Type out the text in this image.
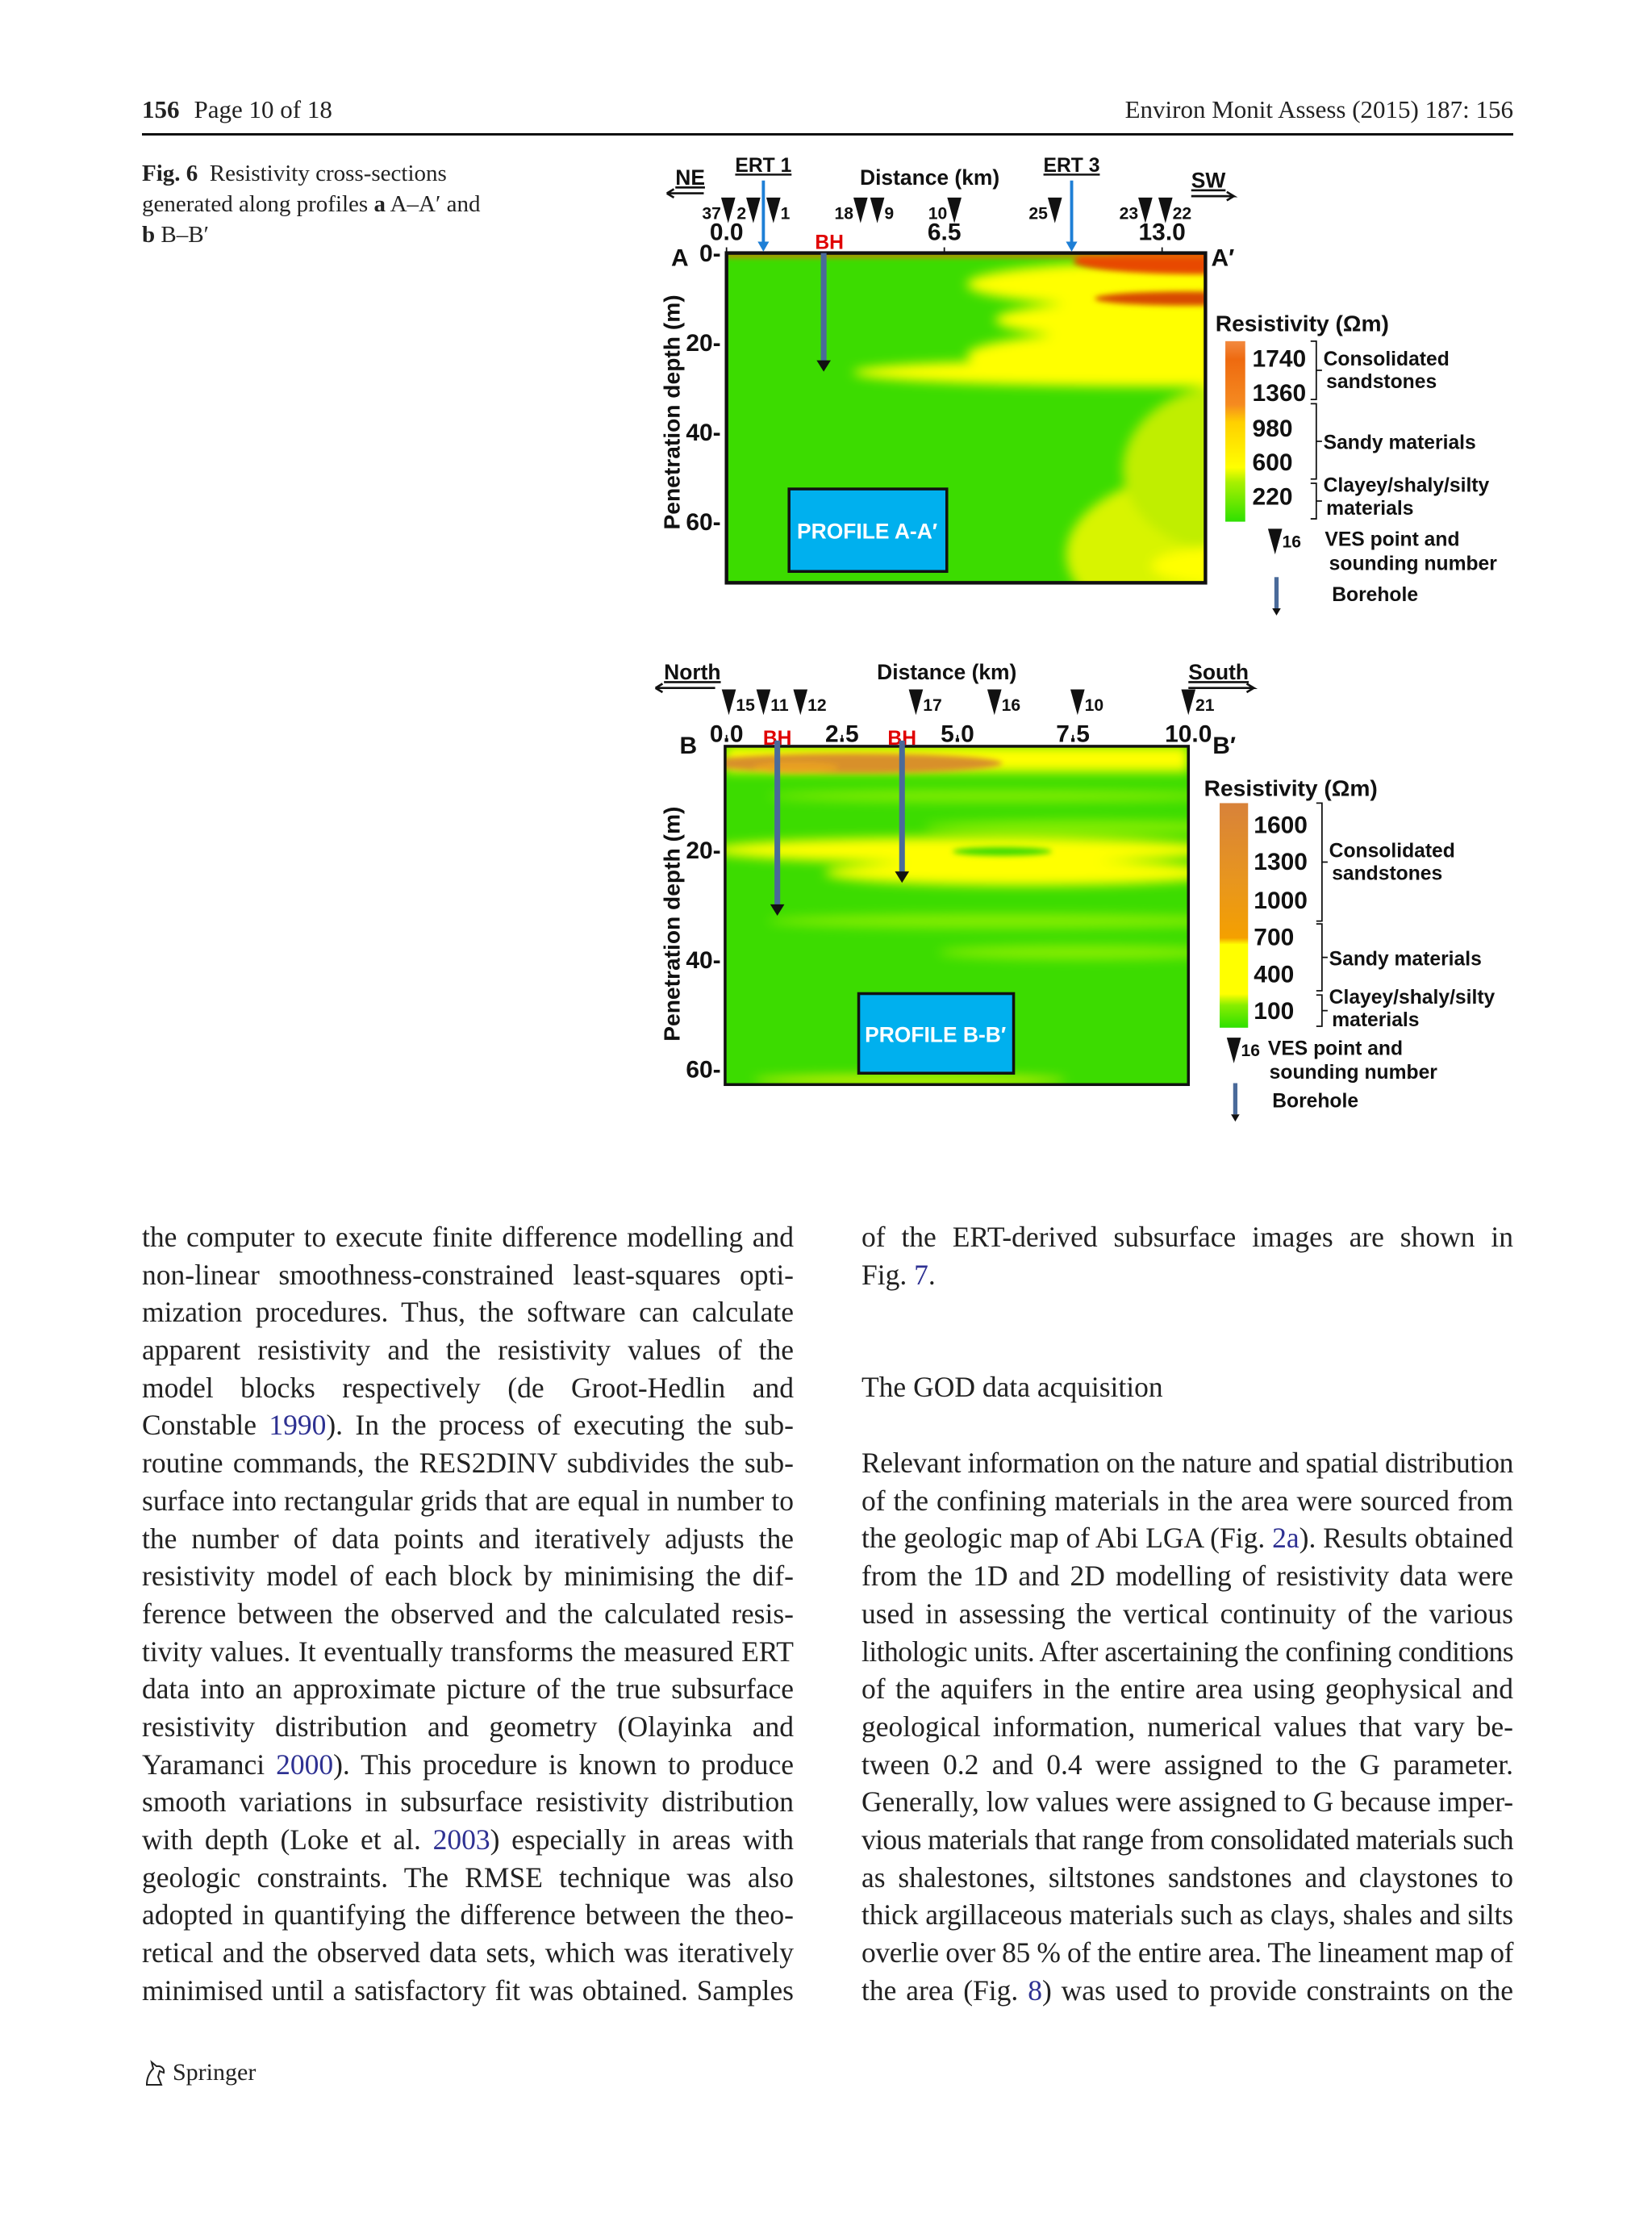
156 Page 10 of 18	Environ Monit Assess (2015) 187: 156
Fig. 6 Resistivity cross-sections generated along profiles a A–A′ and b B–B′
PROFILE A-A′
NE	SW
Distance (km)
ERT 1	ERT 3
37 2	1	18	9	10	25	23	22
0.0	6.5	13.0
A	A′
0-
20-
40-
60-
Penetration depth (m)
BH
Resistivity (Ωm)
1740
1360
980
600
220
Consolidated
sandstones
Sandy materials
Clayey/shaly/silty
materials
16 VES point and
sounding number
Borehole
PROFILE B-B′
North	South
Distance (km)
15 11 12	17	16	10	21
0.0	2.5	5.0	7.5	10.0
B	B′
20-
40-
60-
Penetration depth (m)
BH	BH
Resistivity (Ωm)
1600
1300
1000
700
400
100
Consolidated
sandstones
Sandy materials
Clayey/shaly/silty
materials
16 VES point and
sounding number
Borehole
the computer to execute finite difference modelling and
non-linear smoothness-constrained least-squares opti-
mization procedures. Thus, the software can calculate
apparent resistivity and the resistivity values of the
model blocks respectively (de Groot-Hedlin and
Constable 1990). In the process of executing the sub-
routine commands, the RES2DINV subdivides the sub-
surface into rectangular grids that are equal in number to
the number of data points and iteratively adjusts the
resistivity model of each block by minimising the dif-
ference between the observed and the calculated resis-
tivity values. It eventually transforms the measured ERT
data into an approximate picture of the true subsurface
resistivity distribution and geometry (Olayinka and
Yaramanci 2000). This procedure is known to produce
smooth variations in subsurface resistivity distribution
with depth (Loke et al. 2003) especially in areas with
geologic constraints. The RMSE technique was also
adopted in quantifying the difference between the theo-
retical and the observed data sets, which was iteratively
minimised until a satisfactory fit was obtained. Samples
of the ERT-derived subsurface images are shown in
Fig. 7.
The GOD data acquisition
Relevant information on the nature and spatial distribution
of the confining materials in the area were sourced from
the geologic map of Abi LGA (Fig. 2a). Results obtained
from the 1D and 2D modelling of resistivity data were
used in assessing the vertical continuity of the various
lithologic units. After ascertaining the confining conditions
of the aquifers in the entire area using geophysical and
geological information, numerical values that vary be-
tween 0.2 and 0.4 were assigned to the G parameter.
Generally, low values were assigned to G because imper-
vious materials that range from consolidated materials such
as shalestones, siltstones sandstones and claystones to
thick argillaceous materials such as clays, shales and silts
overlie over 85 % of the entire area. The lineament map of
the area (Fig. 8) was used to provide constraints on the
Springer
